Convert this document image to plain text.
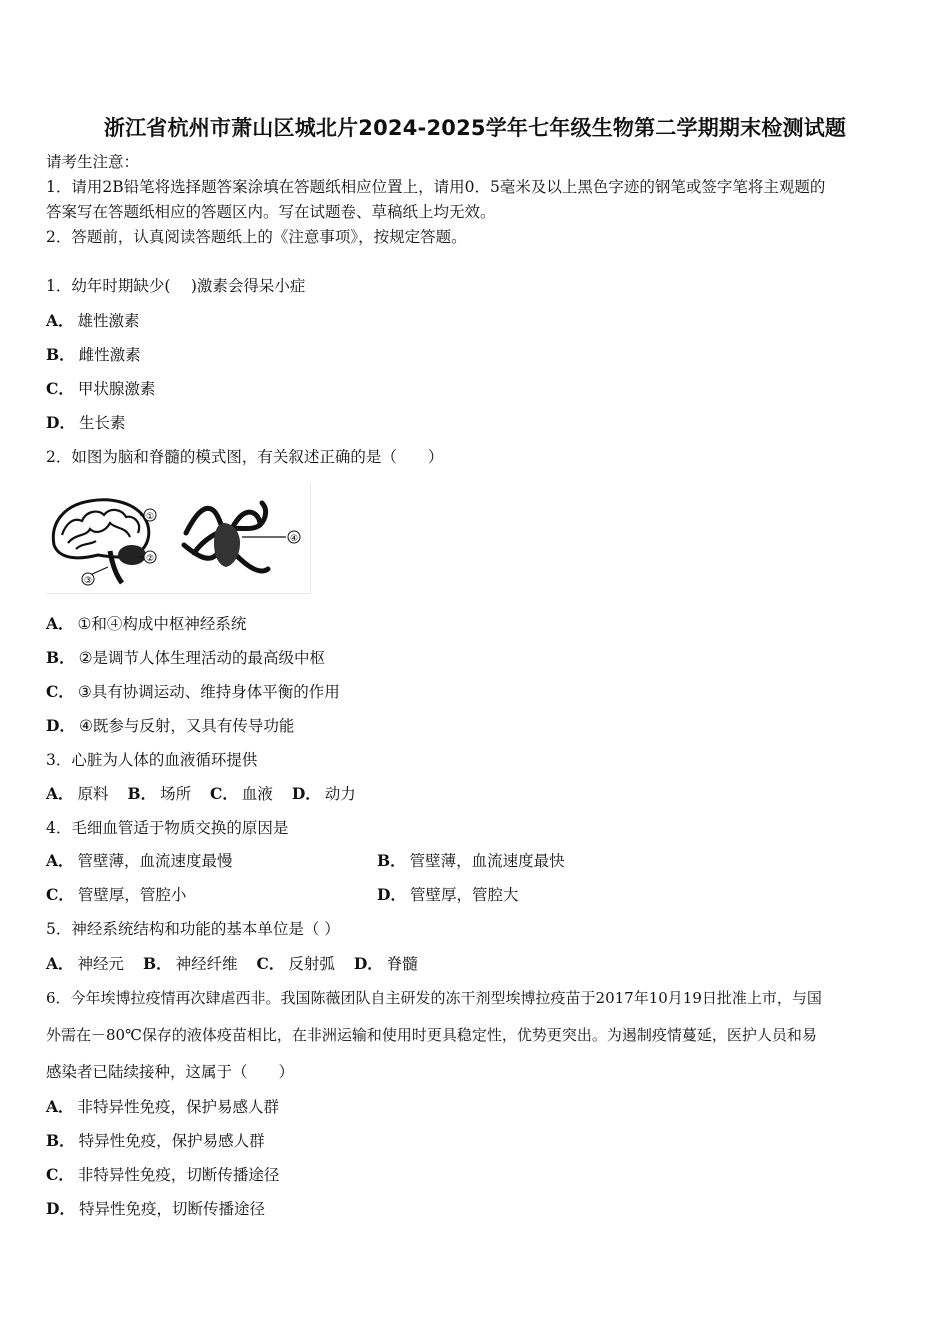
浙江省杭州市萧山区城北片2024-2025学年七年级生物第二学期期末检测试题
请考生注意：
1．请用2B铅笔将选择题答案涂填在答题纸相应位置上，请用0．5毫米及以上黑色字迹的钢笔或签字笔将主观题的
答案写在答题纸相应的答题区内。写在试题卷、草稿纸上均无效。
2．答题前，认真阅读答题纸上的《注意事项》，按规定答题。
1．幼年时期缺少(　 )激素会得呆小症
A． 雄性激素
B． 雌性激素
C． 甲状腺激素
D． 生长素
2．如图为脑和脊髓的模式图，有关叙述正确的是（　　）
①
②
③
④
A． ①和④构成中枢神经系统
B． ②是调节人体生理活动的最高级中枢
C． ③具有协调运动、维持身体平衡的作用
D． ④既参与反射，又具有传导功能
3．心脏为人体的血液循环提供
A． 原料 B． 场所 C． 血液 D． 动力
4．毛细血管适于物质交换的原因是
A． 管壁薄，血流速度最慢	B． 管壁薄，血流速度最快
C． 管壁厚，管腔小	D． 管壁厚，管腔大
5．神经系统结构和功能的基本单位是（ ）
A． 神经元 B． 神经纤维 C． 反射弧 D． 脊髓
6．今年埃博拉疫情再次肆虐西非。我国陈薇团队自主研发的冻干剂型埃博拉疫苗于2017年10月19日批准上市，与国
外需在－80℃保存的液体疫苗相比，在非洲运输和使用时更具稳定性，优势更突出。为遏制疫情蔓延，医护人员和易
感染者已陆续接种，这属于（　　）
A． 非特异性免疫，保护易感人群
B． 特异性免疫，保护易感人群
C． 非特异性免疫，切断传播途径
D． 特异性免疫，切断传播途径
